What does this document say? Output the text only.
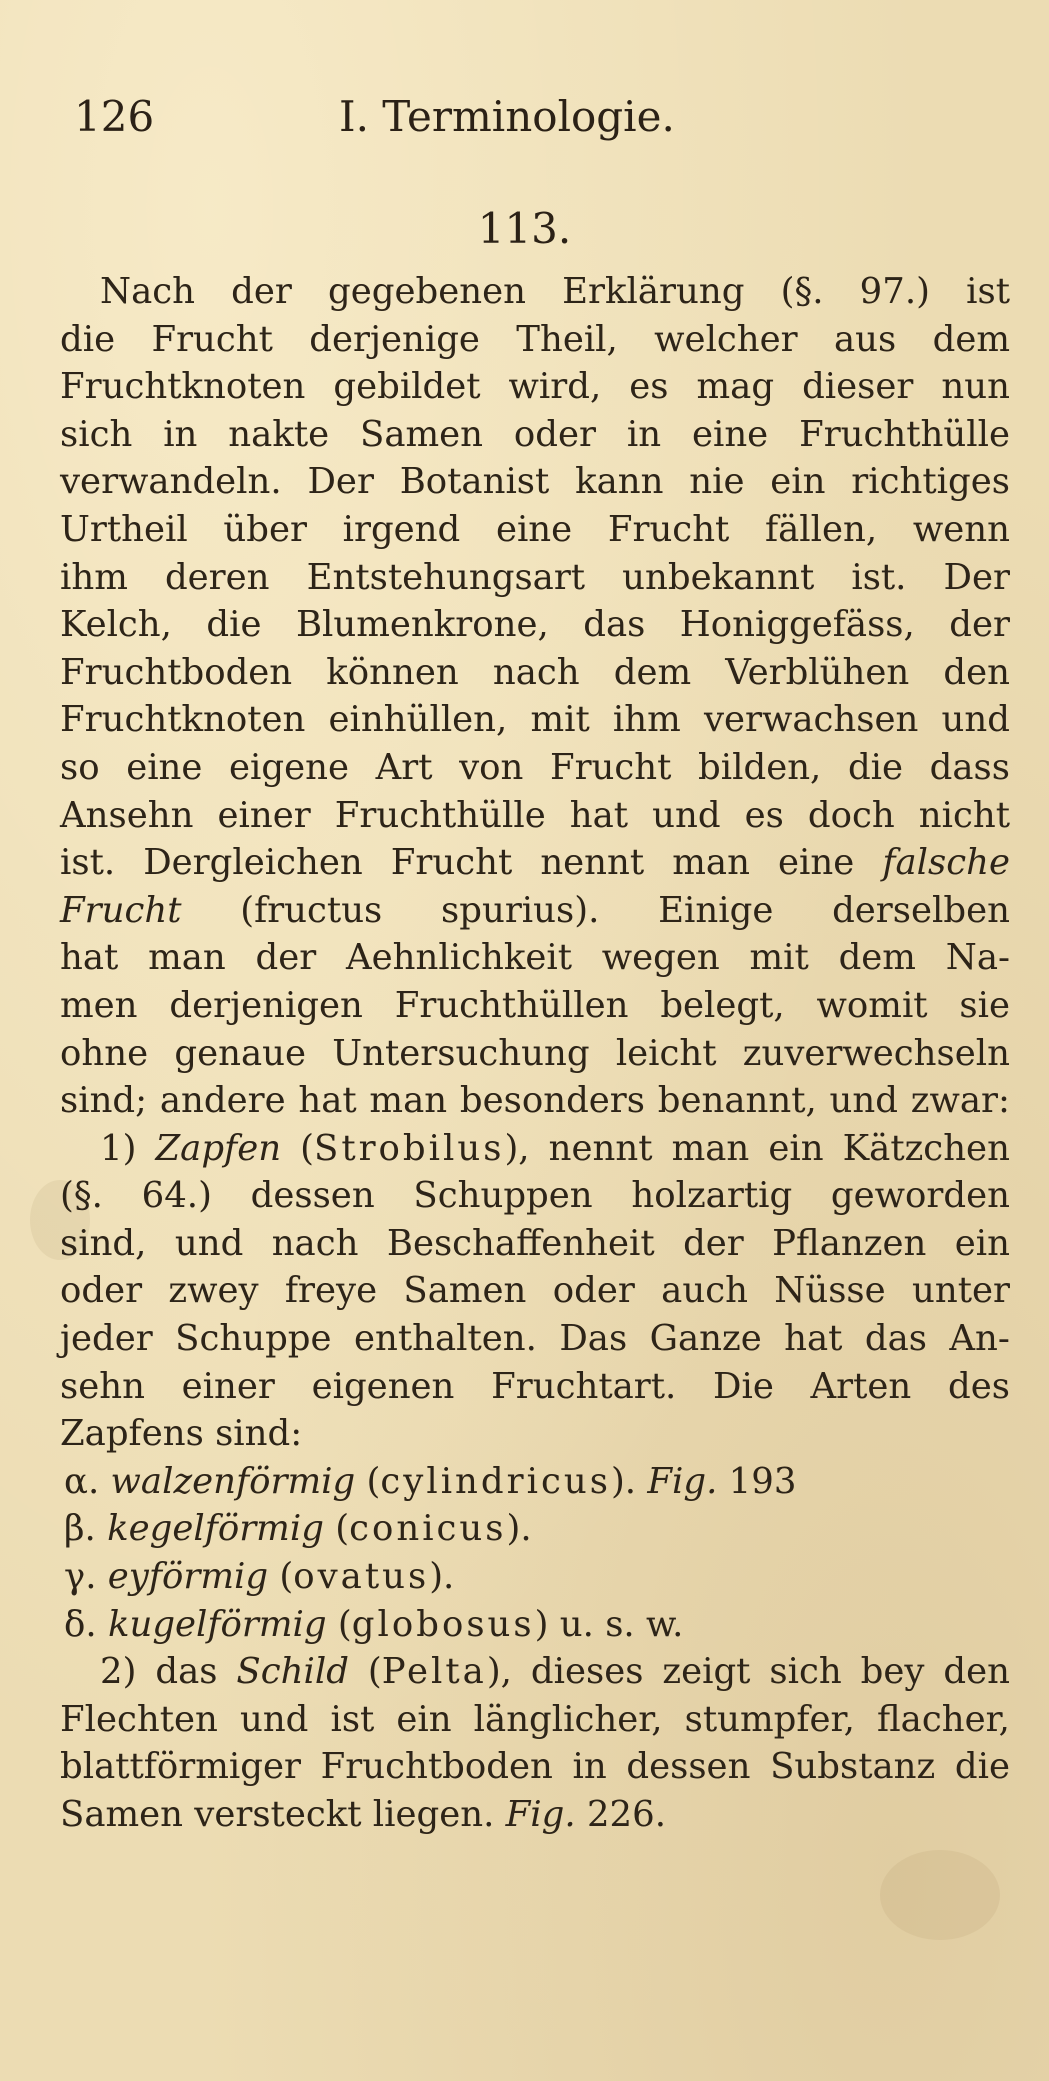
126	I. Terminologie.
113.
Nach der gegebenen Erklärung (§. 97.) ist
die Frucht derjenige Theil, welcher aus dem
Fruchtknoten gebildet wird, es mag dieser nun
sich in nakte Samen oder in eine Fruchthülle
verwandeln. Der Botanist kann nie ein richtiges
Urtheil über irgend eine Frucht fällen, wenn
ihm deren Entstehungsart unbekannt ist. Der
Kelch, die Blumenkrone, das Honiggefäss, der
Fruchtboden können nach dem Verblühen den
Fruchtknoten einhüllen, mit ihm verwachsen und
so eine eigene Art von Frucht bilden, die dass
Ansehn einer Fruchthülle hat und es doch nicht
ist. Dergleichen Frucht nennt man eine falsche
Frucht (fructus spurius). Einige derselben
hat man der Aehnlichkeit wegen mit dem Na-
men derjenigen Fruchthüllen belegt, womit sie
ohne genaue Untersuchung leicht zuverwechseln
sind; andere hat man besonders benannt, und zwar:
1) Zapfen (Strobilus), nennt man ein Kätzchen
(§. 64.) dessen Schuppen holzartig geworden
sind, und nach Beschaffenheit der Pflanzen ein
oder zwey freye Samen oder auch Nüsse unter
jeder Schuppe enthalten. Das Ganze hat das An-
sehn einer eigenen Fruchtart. Die Arten des
Zapfens sind:
α. walzenförmig (cylindricus). Fig. 193
β. kegelförmig (conicus).
γ. eyförmig (ovatus).
δ. kugelförmig (globosus) u. s. w.
2) das Schild (Pelta), dieses zeigt sich bey den
Flechten und ist ein länglicher, stumpfer, flacher,
blattförmiger Fruchtboden in dessen Substanz die
Samen versteckt liegen. Fig. 226.
